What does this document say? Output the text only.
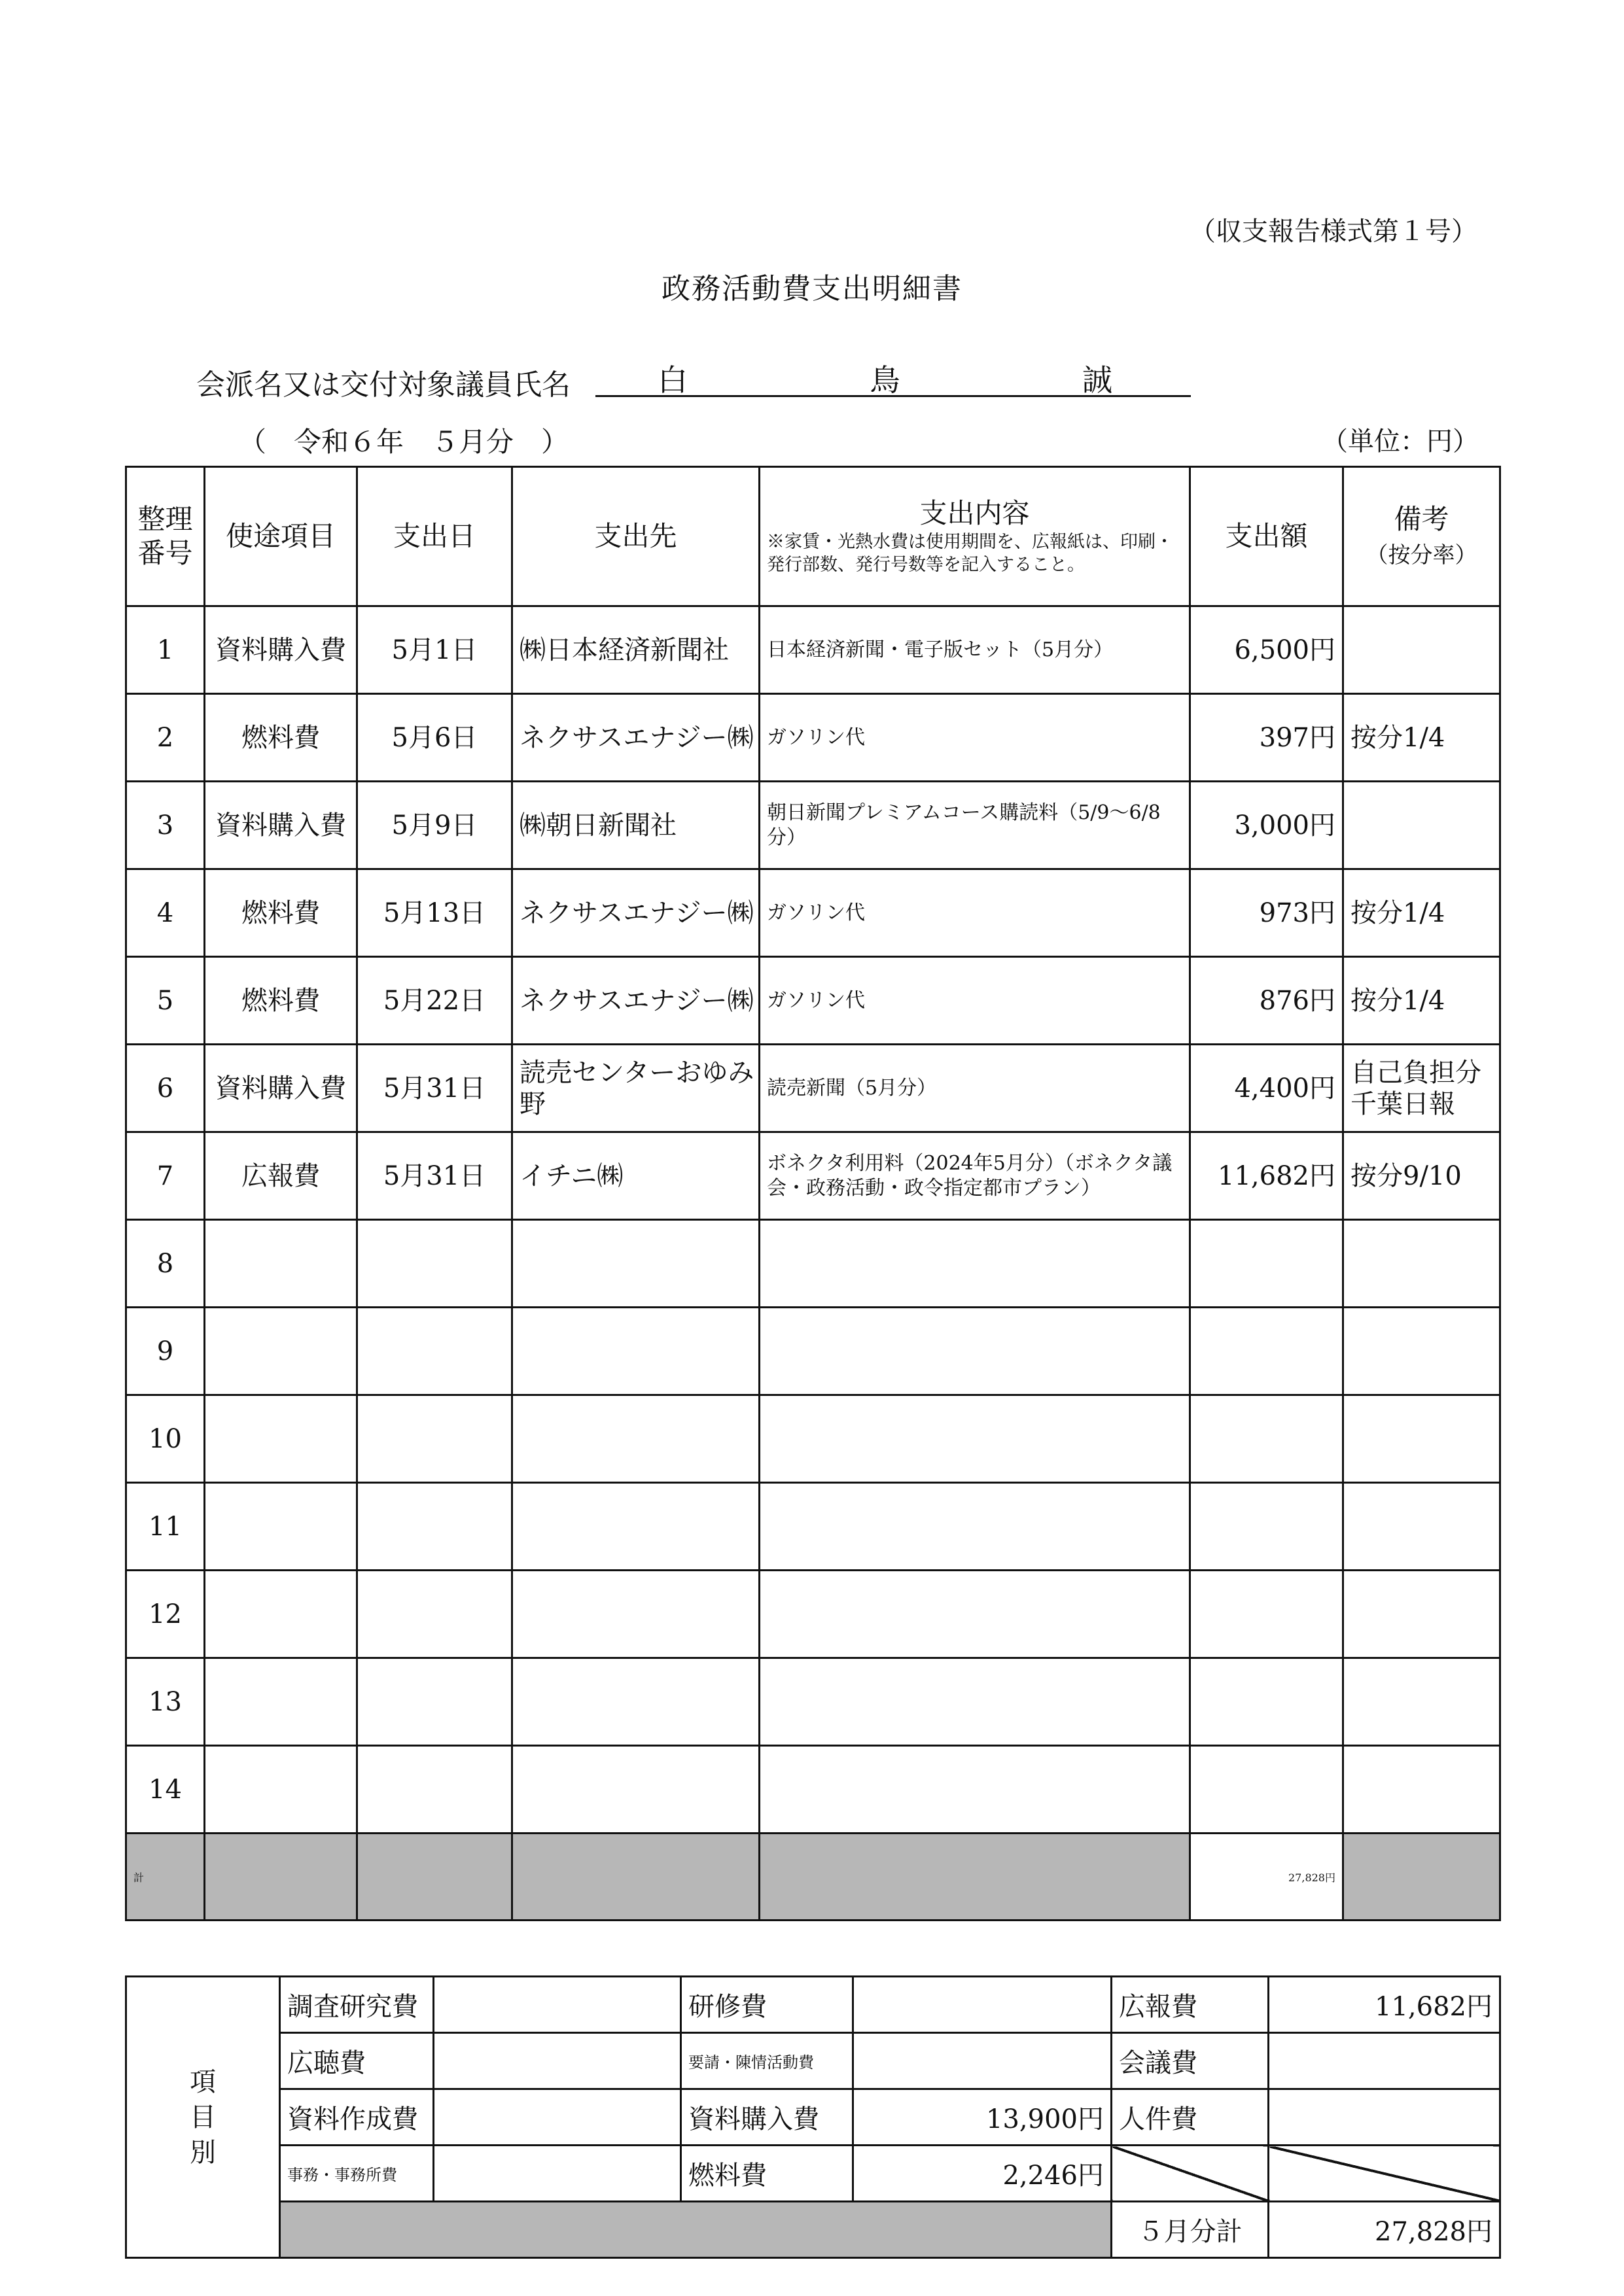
（収支報告様式第１号）
政務活動費支出明細書
会派名又は交付対象議員氏名	白	鳥	誠
（　令和６年　５月分　）	（単位：円）
整理
番号	使途項目	支出日	支出先	支出内容
※家賃・光熱水費は使用期間を、広報紙は、印刷・発行部数、発行号数等を記入すること。	支出額	備考
（按分率）
1	資料購入費	5月1日	㈱日本経済新聞社	日本経済新聞・電子版セット（5月分）	6,500円	
2	燃料費	5月6日	ネクサスエナジー㈱	ガソリン代	397円	按分1/4
3	資料購入費	5月9日	㈱朝日新聞社	朝日新聞プレミアムコース購読料（5/9～6/8分）	3,000円	
4	燃料費	5月13日	ネクサスエナジー㈱	ガソリン代	973円	按分1/4
5	燃料費	5月22日	ネクサスエナジー㈱	ガソリン代	876円	按分1/4
6	資料購入費	5月31日	読売センターおゆみ野	読売新聞（5月分）	4,400円	自己負担分千葉日報
7	広報費	5月31日	イチニ㈱	ボネクタ利用料（2024年5月分）（ボネクタ議会・政務活動・政令指定都市プラン）	11,682円	按分9/10
8						
9						
10						
11						
12						
13						
14						
計					27,828円	
項
目
別	調査研究費		研修費		広報費	11,682円
	広聴費		要請・陳情活動費		会議費	
	資料作成費		資料購入費	13,900円	人件費	
	事務・事務所費		燃料費	2,246円		
					５月分計	27,828円
